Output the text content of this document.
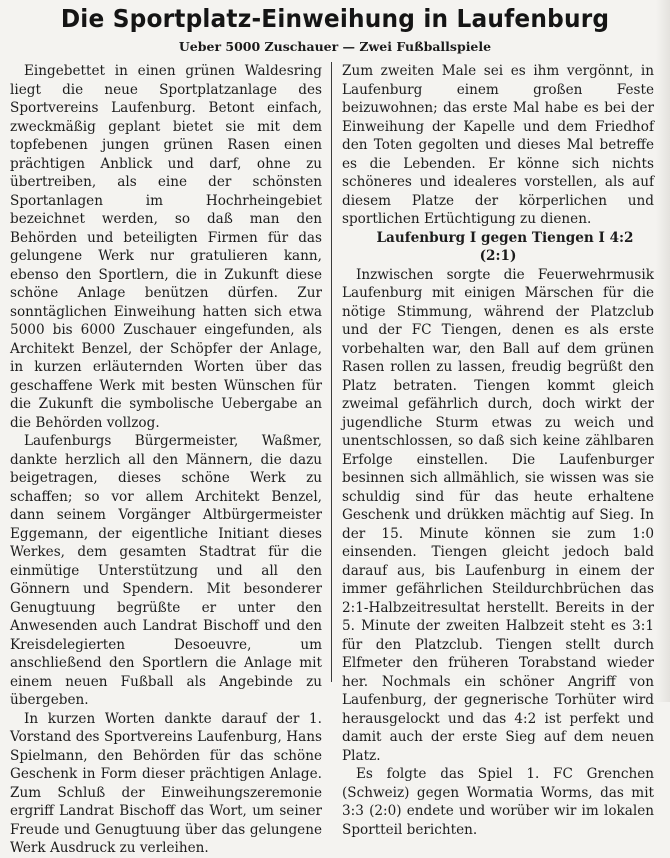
Die Sportplatz-Einweihung in Laufenburg
Ueber 5000 Zuschauer — Zwei Fußballspiele

Eingebettet in einen grünen Waldesring liegt die neue Sportplatzanlage des Sportvereins Laufenburg. Betont einfach, zweckmäßig geplant bietet sie mit dem topfebenen jungen grünen Rasen einen prächtigen Anblick und darf, ohne zu übertreiben, als eine der schönsten Sportanlagen im Hochrheingebiet bezeichnet werden, so daß man den Behörden und beteiligten Firmen für das gelungene Werk nur gratulieren kann, ebenso den Sportlern, die in Zukunft diese schöne Anlage benützen dürfen. Zur sonntäglichen Einweihung hatten sich etwa 5000 bis 6000 Zuschauer eingefunden, als Architekt Benzel, der Schöpfer der Anlage, in kurzen erläuternden Worten über das geschaffene Werk mit besten Wünschen für die Zukunft die symbolische Uebergabe an die Behörden vollzog.

Laufenburgs Bürgermeister, Waßmer, dankte herzlich all den Männern, die dazu beigetragen, dieses schöne Werk zu schaffen; so vor allem Architekt Benzel, dann seinem Vorgänger Altbürgermeister Eggemann, der eigentliche Initiant dieses Werkes, dem gesamten Stadtrat für die einmütige Unterstützung und all den Gönnern und Spendern. Mit besonderer Genugtuung begrüßte er unter den Anwesenden auch Landrat Bischoff und den Kreisdelegierten Desoeuvre, um anschließend den Sportlern die Anlage mit einem neuen Fußball als Angebinde zu übergeben.

In kurzen Worten dankte darauf der 1. Vorstand des Sportvereins Laufenburg, Hans Spielmann, den Behörden für das schöne Geschenk in Form dieser prächtigen Anlage. Zum Schluß der Einweihungszeremonie ergriff Landrat Bischoff das Wort, um seiner Freude und Genugtuung über das gelungene Werk Ausdruck zu verleihen.

Zum zweiten Male sei es ihm vergönnt, in Laufenburg einem großen Feste beizuwohnen; das erste Mal habe es bei der Einweihung der Kapelle und dem Friedhof den Toten gegolten und dieses Mal betreffe es die Lebenden. Er könne sich nichts schöneres und idealeres vorstellen, als auf diesem Platze der körperlichen und sportlichen Ertüchtigung zu dienen.

Laufenburg I gegen Tiengen I 4:2 (2:1)

Inzwischen sorgte die Feuerwehrmusik Laufenburg mit einigen Märschen für die nötige Stimmung, während der Platzclub und der FC Tiengen, denen es als erste vorbehalten war, den Ball auf dem grünen Rasen rollen zu lassen, freudig begrüßt den Platz betraten. Tiengen kommt gleich zweimal gefährlich durch, doch wirkt der jugendliche Sturm etwas zu weich und unentschlossen, so daß sich keine zählbaren Erfolge einstellen. Die Laufenburger besinnen sich allmählich, sie wissen was sie schuldig sind für das heute erhaltene Geschenk und drükken mächtig auf Sieg. In der 15. Minute können sie zum 1:0 einsenden. Tiengen gleicht jedoch bald darauf aus, bis Laufenburg in einem der immer gefährlichen Steildurchbrüchen das 2:1-Halbzeitresultat herstellt. Bereits in der 5. Minute der zweiten Halbzeit steht es 3:1 für den Platzclub. Tiengen stellt durch Elfmeter den früheren Torabstand wieder her. Nochmals ein schöner Angriff von Laufenburg, der gegnerische Torhüter wird herausgelockt und das 4:2 ist perfekt und damit auch der erste Sieg auf dem neuen Platz.

Es folgte das Spiel 1. FC Grenchen (Schweiz) gegen Wormatia Worms, das mit 3:3 (2:0) endete und worüber wir im lokalen Sportteil berichten.
